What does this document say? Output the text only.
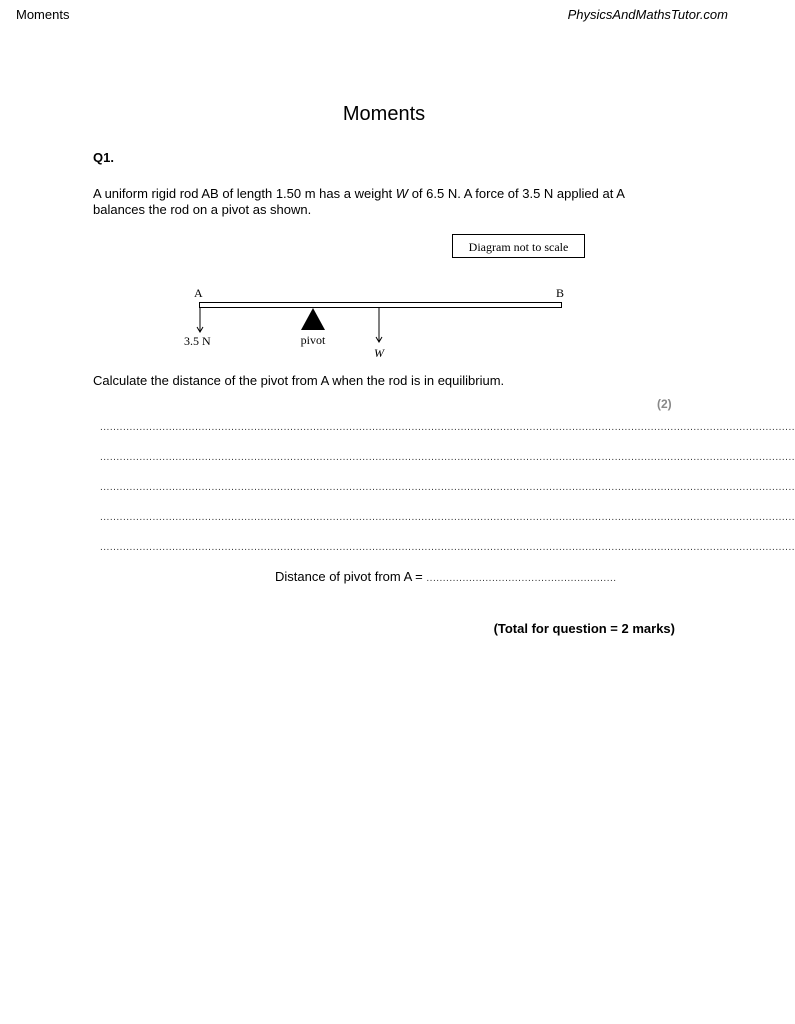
Moments	PhysicsAndMathsTutor.com
Moments
Q1.
A uniform rigid rod AB of length 1.50 m has a weight W of 6.5 N. A force of 3.5 N applied at A balances the rod on a pivot as shown.
Diagram not to scale
A	B
3.5 N	pivot
W
Calculate the distance of the pivot from A when the rod is in equilibrium.
(2)
....................................................................................................................................................................................................................
....................................................................................................................................................................................................................
....................................................................................................................................................................................................................
....................................................................................................................................................................................................................
....................................................................................................................................................................................................................
Distance of pivot from A = ..........................................................
(Total for question = 2 marks)
